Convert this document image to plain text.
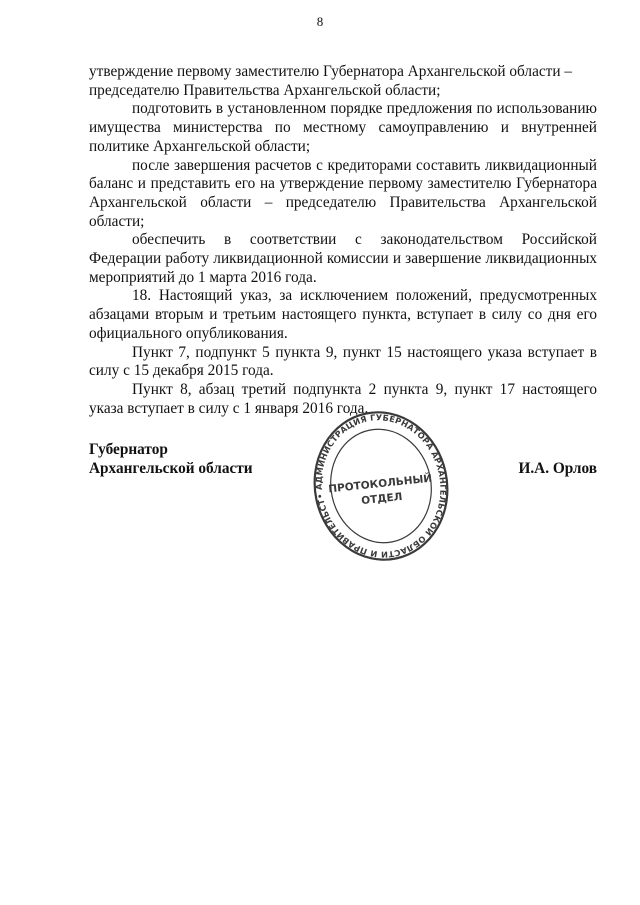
8

утверждение первому заместителю Губернатора Архангельской области – председателю Правительства Архангельской области;

подготовить в установленном порядке предложения по использованию имущества министерства по местному самоуправлению и внутренней политике Архангельской области;

после завершения расчетов с кредиторами составить ликвидационный баланс и представить его на утверждение первому заместителю Губернатора Архангельской области – председателю Правительства Архангельской области;

обеспечить в соответствии с законодательством Российской Федерации работу ликвидационной комиссии и завершение ликвидационных мероприятий до 1 марта 2016 года.

18. Настоящий указ, за исключением положений, предусмотренных абзацами вторым и третьим настоящего пункта, вступает в силу со дня его официального опубликования.

Пункт 7, подпункт 5 пункта 9, пункт 15 настоящего указа вступает в силу с 15 декабря 2015 года.

Пункт 8, абзац третий подпункта 2 пункта 9, пункт 17 настоящего указа вступает в силу с 1 января 2016 года.

Губернатор
Архангельской области	И.А. Орлов
• АДМИНИСТРАЦИЯ ГУБЕРНАТОРА АРХАНГЕЛЬСКОЙ ОБЛАСТИ И ПРАВИТЕЛЬСТВА
ПРОТОКОЛЬНЫЙ
ОТДЕЛ
